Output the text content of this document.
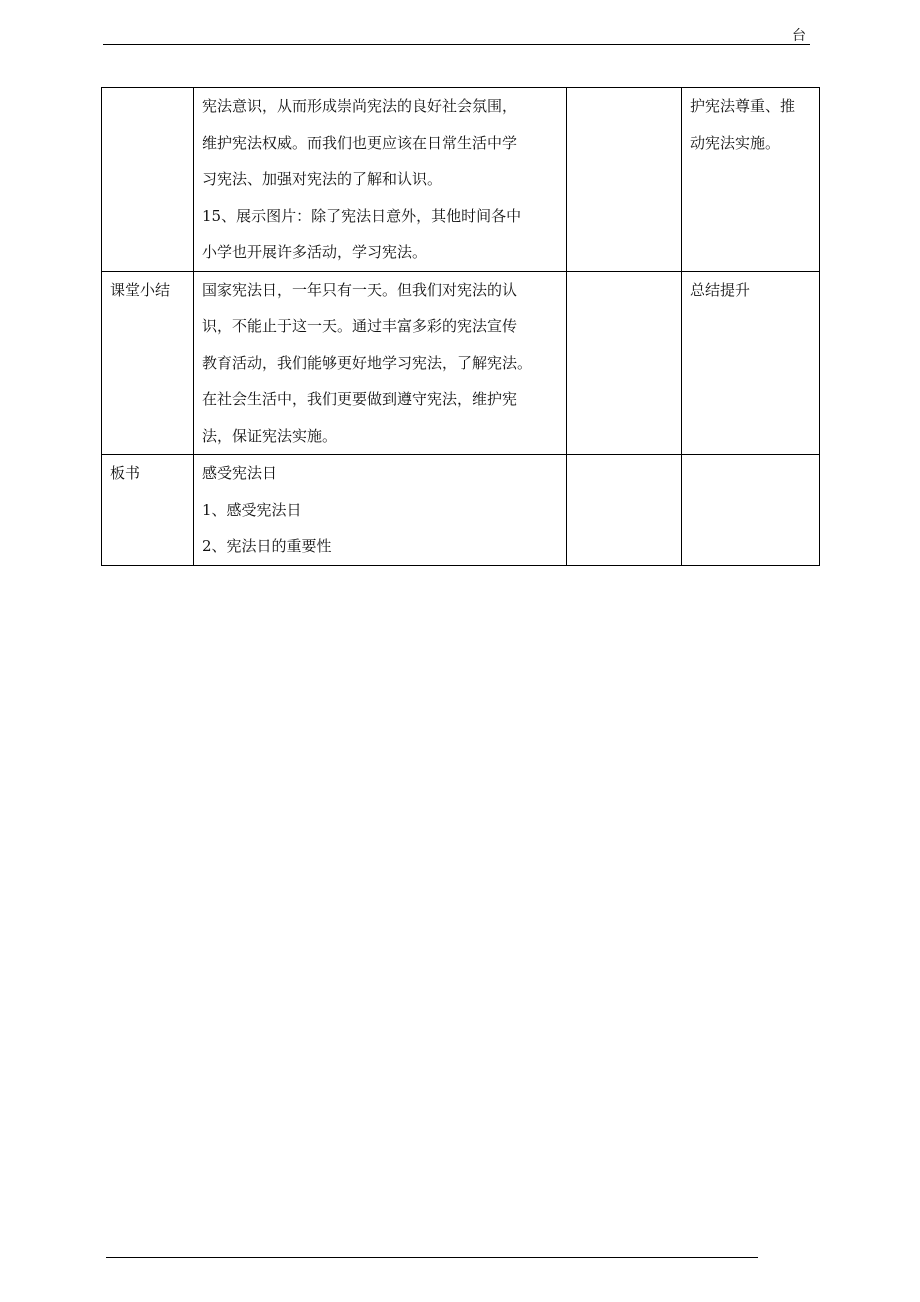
台

	宪法意识，从而形成崇尚宪法的良好社会氛围，
维护宪法权威。而我们也更应该在日常生活中学
习宪法、加强对宪法的了解和认识。
15、展示图片：除了宪法日意外，其他时间各中
小学也开展许多活动，学习宪法。		护宪法尊重、推
动宪法实施。

课堂小结	国家宪法日，一年只有一天。但我们对宪法的认
识，不能止于这一天。通过丰富多彩的宪法宣传
教育活动，我们能够更好地学习宪法，了解宪法。
在社会生活中，我们更要做到遵守宪法，维护宪
法，保证宪法实施。		总结提升

板书	感受宪法日
1、感受宪法日
2、宪法日的重要性		
